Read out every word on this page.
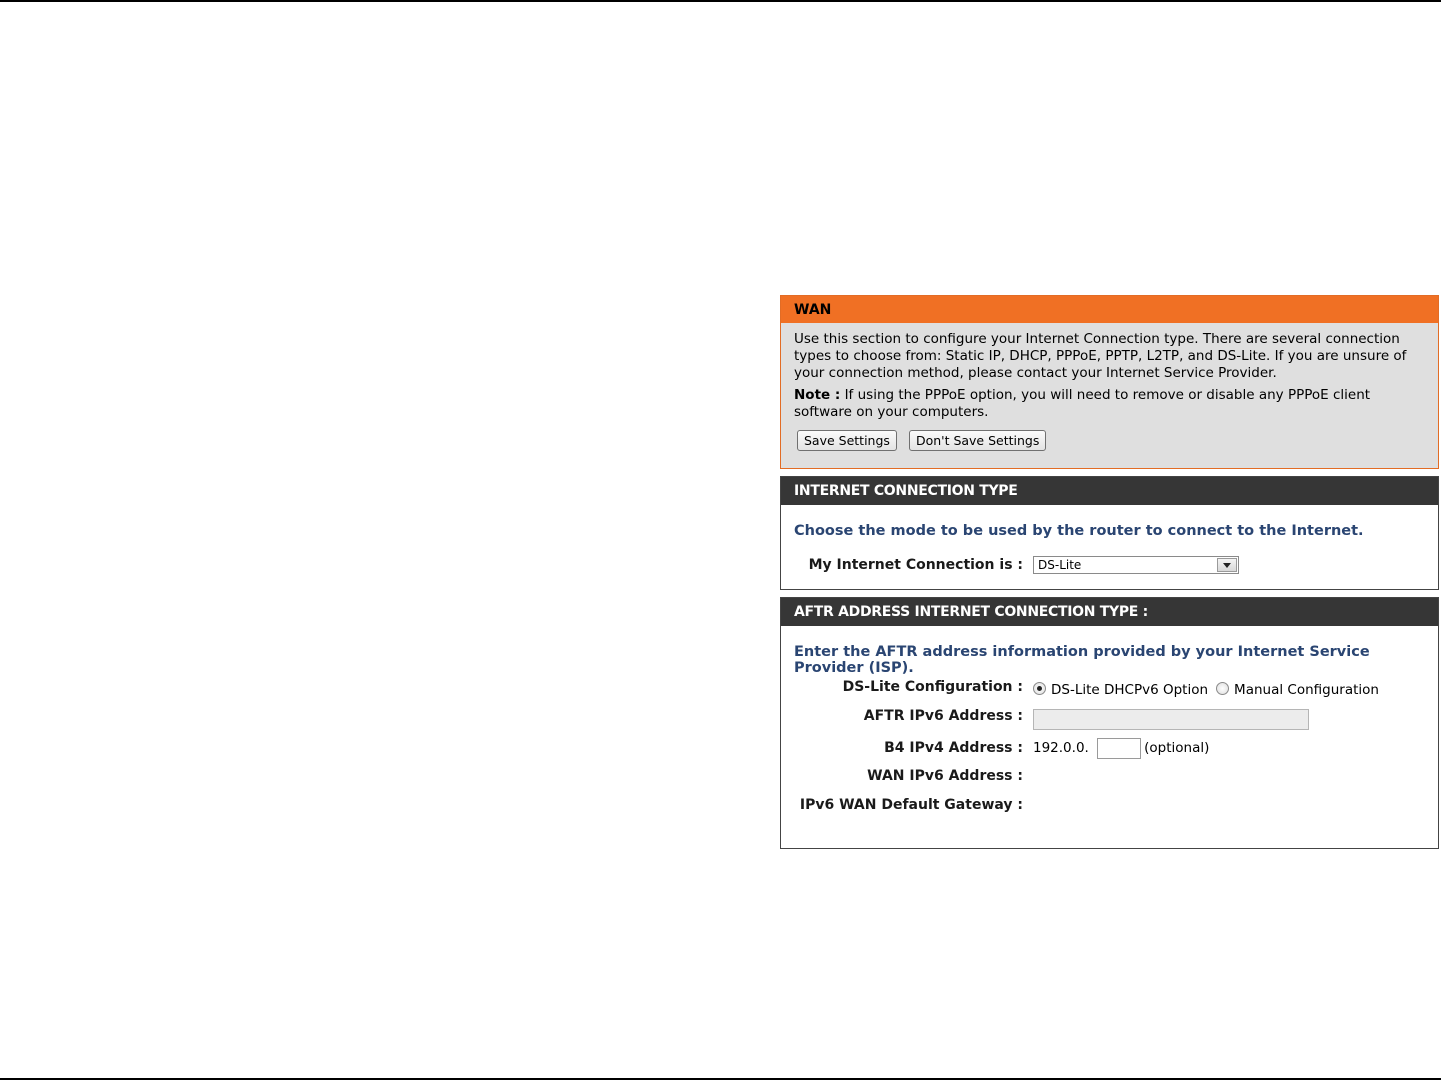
WAN
Use this section to configure your Internet Connection type. There are several connection types to choose from: Static IP, DHCP, PPPoE, PPTP, L2TP, and DS-Lite. If you are unsure of your connection method, please contact your Internet Service Provider.
Note : If using the PPPoE option, you will need to remove or disable any PPPoE client software on your computers.
Save Settings	Don't Save Settings
INTERNET CONNECTION TYPE
Choose the mode to be used by the router to connect to the Internet.
My Internet Connection is :	DS-Lite
AFTR ADDRESS INTERNET CONNECTION TYPE :
Enter the AFTR address information provided by your Internet Service Provider (ISP).
DS-Lite Configuration :	DS-Lite DHCPv6 Option Manual Configuration
AFTR IPv6 Address :
B4 IPv4 Address : 192.0.0.	(optional)
WAN IPv6 Address :
IPv6 WAN Default Gateway :
